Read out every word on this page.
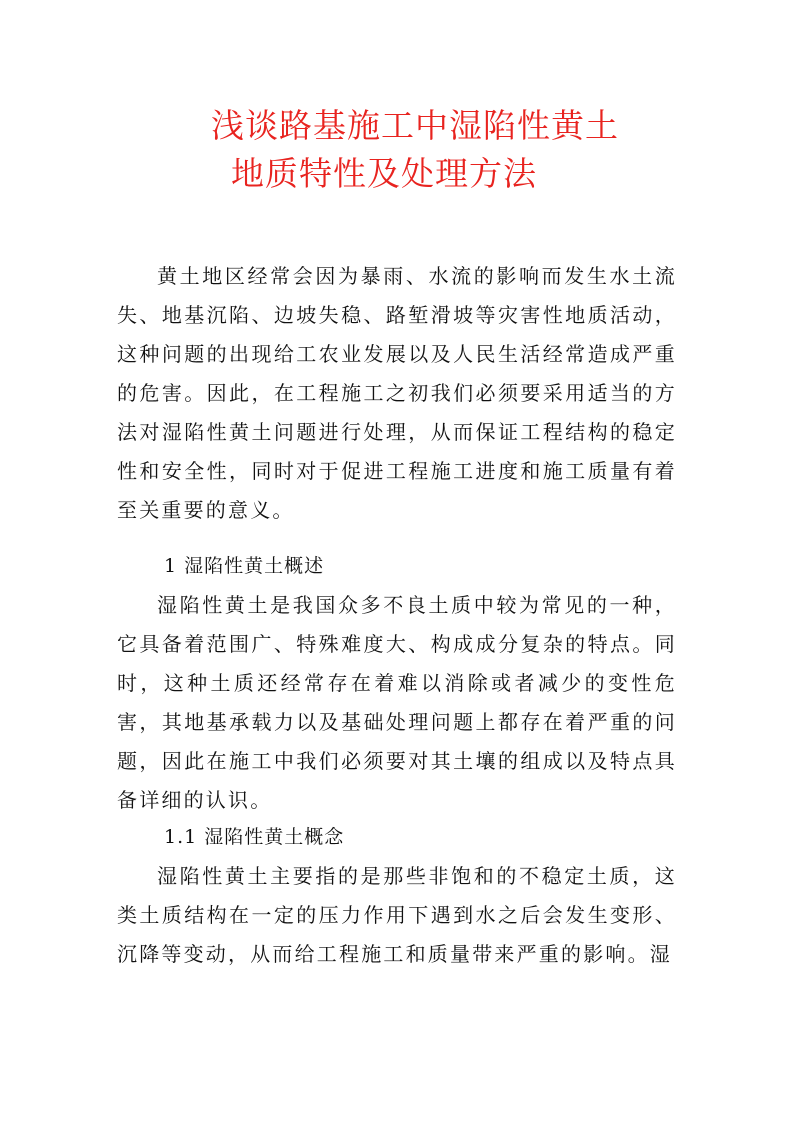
浅谈路基施工中湿陷性黄土
地质特性及处理方法

黄土地区经常会因为暴雨、水流的影响而发生水土流失、地基沉陷、边坡失稳、路堑滑坡等灾害性地质活动，这种问题的出现给工农业发展以及人民生活经常造成严重的危害。因此，在工程施工之初我们必须要采用适当的方法对湿陷性黄土问题进行处理，从而保证工程结构的稳定性和安全性，同时对于促进工程施工进度和施工质量有着至关重要的意义。

1 湿陷性黄土概述

湿陷性黄土是我国众多不良土质中较为常见的一种，它具备着范围广、特殊难度大、构成成分复杂的特点。同时，这种土质还经常存在着难以消除或者减少的变性危害，其地基承载力以及基础处理问题上都存在着严重的问题，因此在施工中我们必须要对其土壤的组成以及特点具备详细的认识。

1.1 湿陷性黄土概念

湿陷性黄土主要指的是那些非饱和的不稳定土质，这类土质结构在一定的压力作用下遇到水之后会发生变形、沉降等变动，从而给工程施工和质量带来严重的影响。湿
